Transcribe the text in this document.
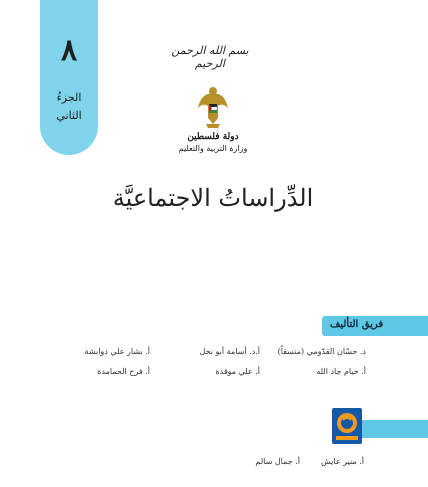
٨
الجزءُ
الثاني
بسم الله الرحمن الرحيم
دولة فلسطين
وزارة التربية والتعليم
الدِّراساتُ الاجتماعيَّة
فريق التأليف
د. حسّان القدّومي (منسقاً)
أ.د. أسامة أبو نحل
أ. بشار علي دوابشة
أ. خيام جاد الله
أ. علي موقدة
أ. فرح الحمامدة
أ. منير عايش
أ. جمال سالم
